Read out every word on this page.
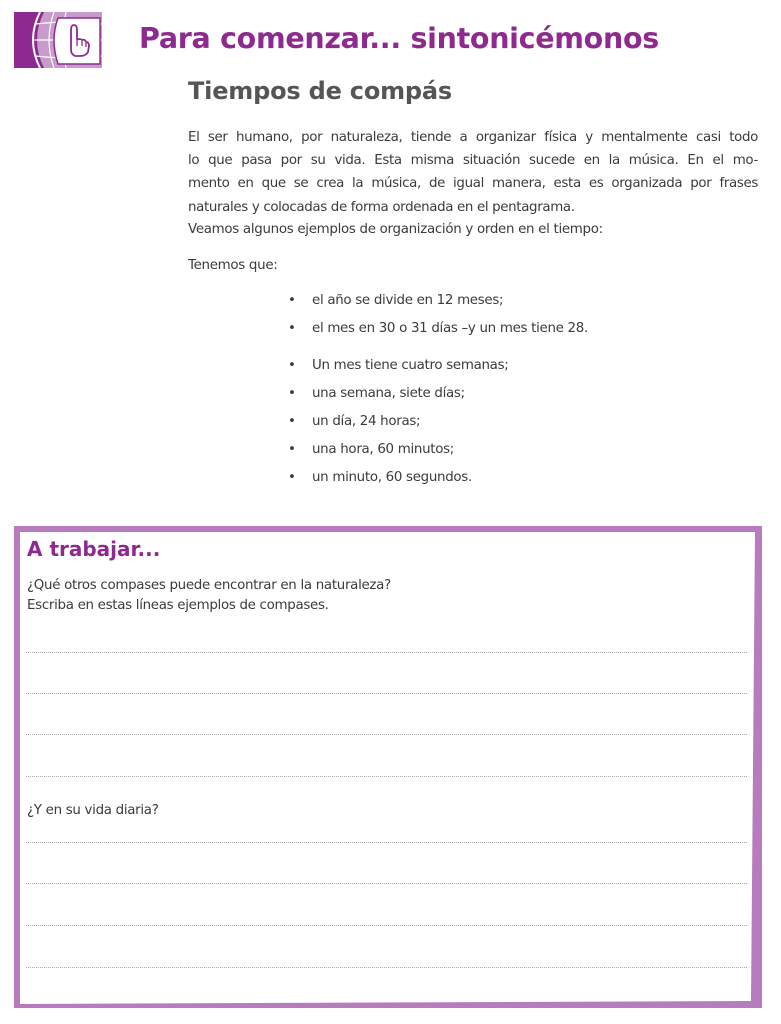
Para comenzar... sintonicémonos
Tiempos de compás
El ser humano, por naturaleza, tiende a organizar física y mentalmente casi todo
lo que pasa por su vida. Esta misma situación sucede en la música. En el mo-
mento en que se crea la música, de igual manera, esta es organizada por frases
naturales y colocadas de forma ordenada en el pentagrama.
Veamos algunos ejemplos de organización y orden en el tiempo:
Tenemos que:
• el año se divide en 12 meses;
• el mes en 30 o 31 días –y un mes tiene 28.
• Un mes tiene cuatro semanas;
• una semana, siete días;
• un día, 24 horas;
• una hora, 60 minutos;
• un minuto, 60 segundos.
A trabajar...
¿Qué otros compases puede encontrar en la naturaleza?
Escriba en estas líneas ejemplos de compases.
¿Y en su vida diaria?
